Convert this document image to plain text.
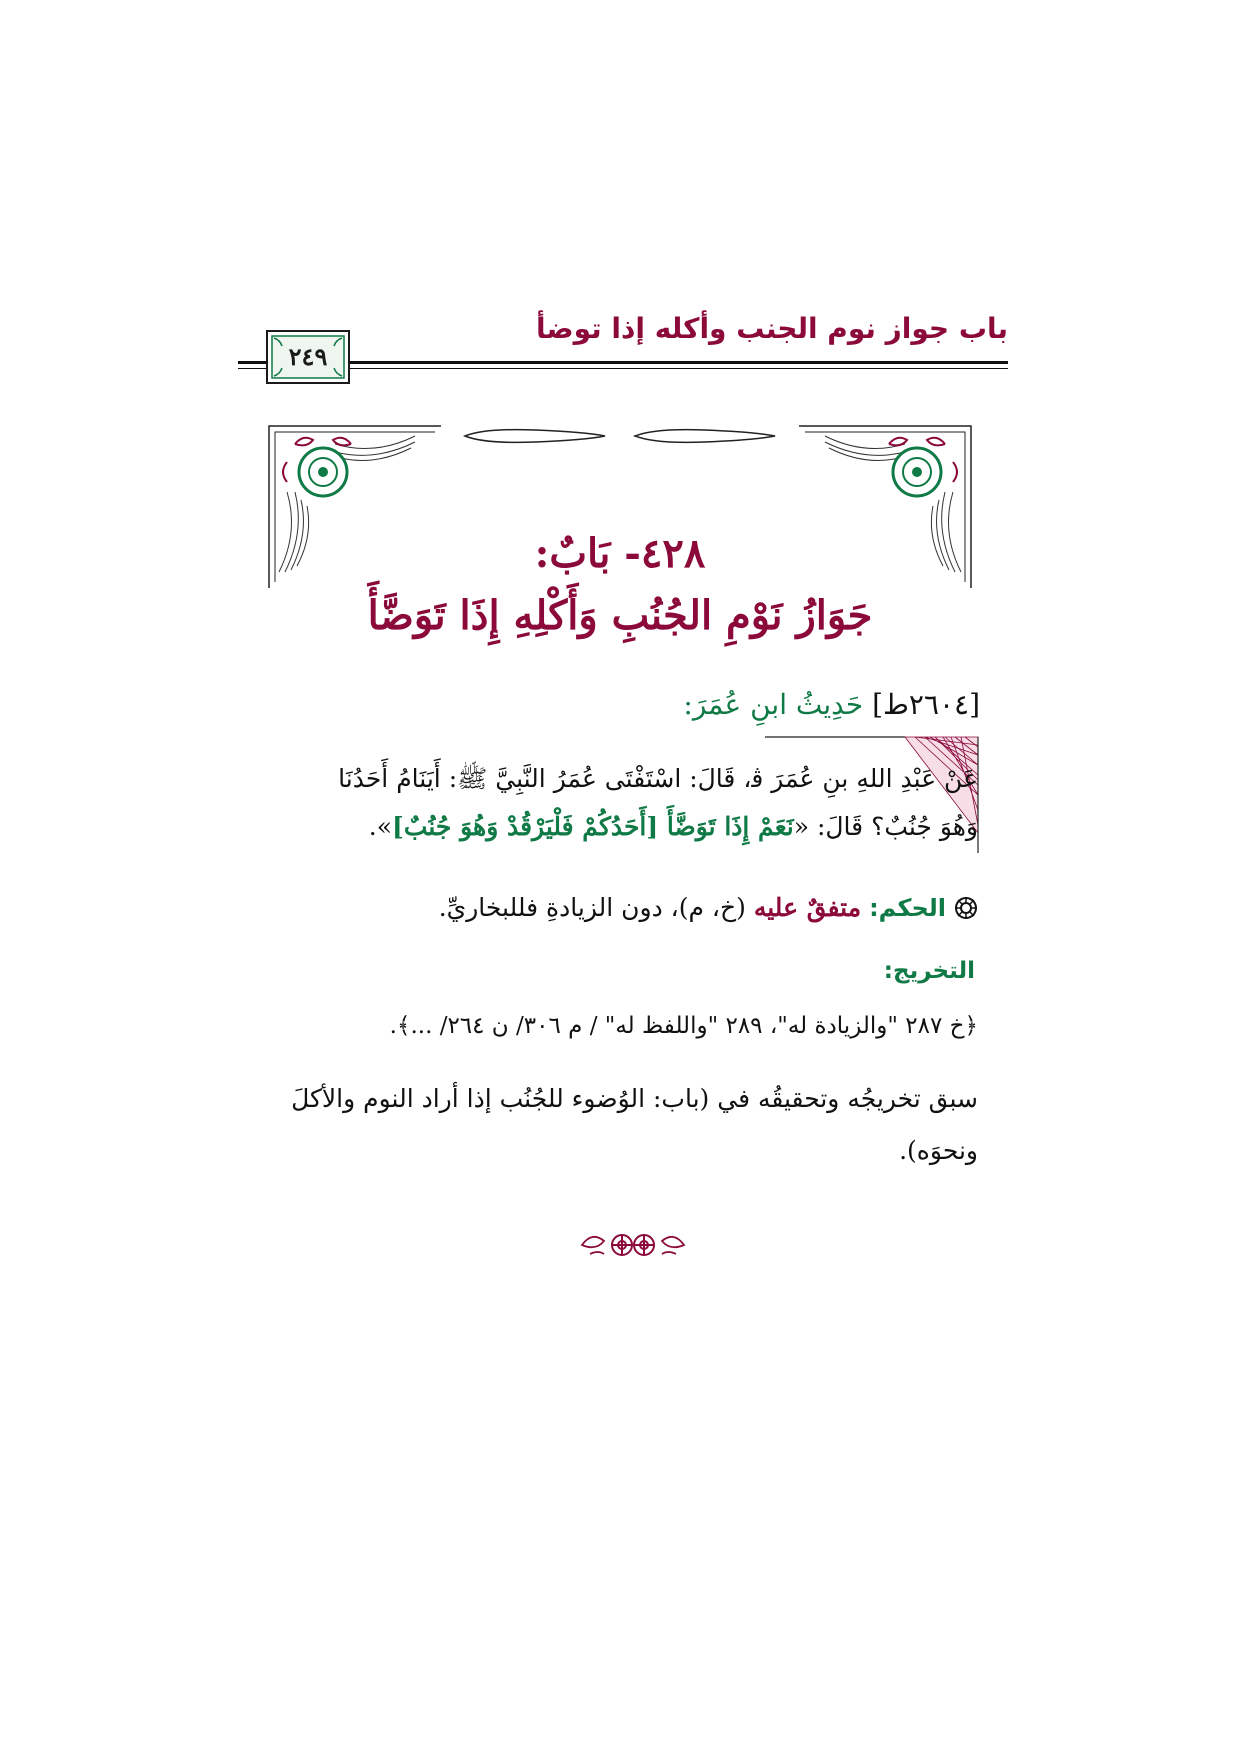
باب جواز نوم الجنب وأكله إذا توضأ
٢٤٩
٤٢٨- بَابٌ:
جَوَازُ نَوْمِ الجُنُبِ وَأَكْلِهِ إِذَا تَوَضَّأَ
[٢٦٠٤ط] حَدِيثُ ابنِ عُمَرَ:
عَنْ عَبْدِ اللهِ بنِ عُمَرَ ﭬ، قَالَ: اسْتَفْتَى عُمَرُ النَّبِيَّ ﷺ: أَيَنَامُ أَحَدُنَا
وَهُوَ جُنُبٌ؟ قَالَ: «نَعَمْ إِذَا تَوَضَّأَ [أَحَدُكُمْ فَلْيَرْقُدْ وَهُوَ جُنُبٌ]».
الحكم: متفقٌ عليه (خ، م)، دون الزيادةِ فللبخاريِّ.
التخريج:
﴿خ ٢٨٧ "والزيادة له"، ٢٨٩ "واللفظ له" / م ٣٠٦/ ن ٢٦٤/ ...﴾.
سبق تخريجُه وتحقيقُه في (باب: الوُضوء للجُنُب إذا أراد النوم والأكلَ
ونحوَه).
